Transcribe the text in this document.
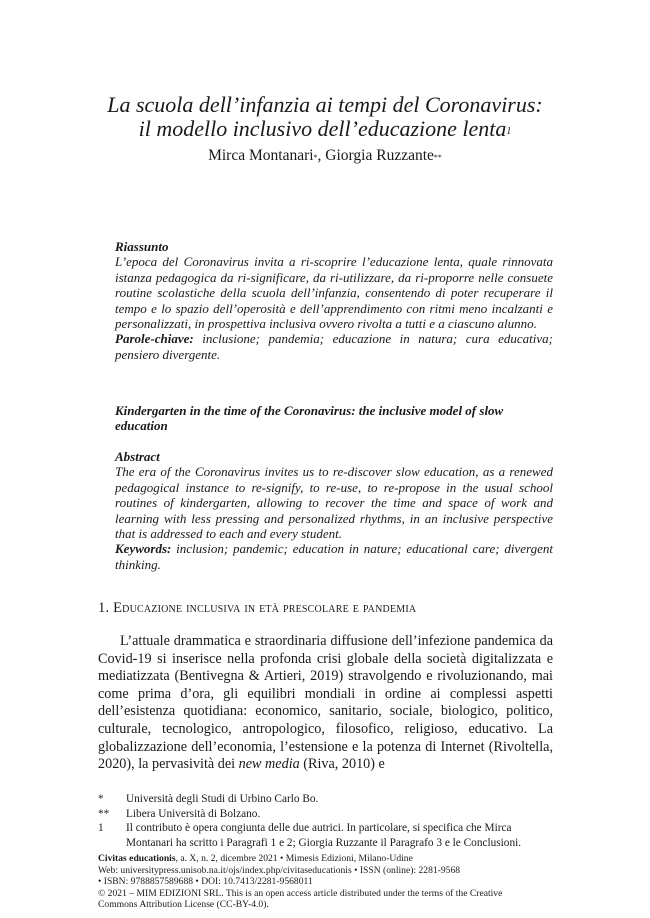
La scuola dell’infanzia ai tempi del Coronavirus:
il modello inclusivo dell’educazione lenta$^1$
Mirca Montanari*, Giorgia Ruzzante**
Riassunto

L’epoca del Coronavirus invita a ri-scoprire l’educazione lenta, quale rinnovata istanza pedagogica da ri-significare, da ri-utilizzare, da ri-proporre nelle consuete routine scolastiche della scuola dell’infanzia, consentendo di poter recuperare il tempo e lo spazio dell’operosità e dell’apprendimento con ritmi meno incalzanti e personalizzati, in prospettiva inclusiva ovvero rivolta a tutti e a ciascuno alunno.

Parole-chiave: inclusione; pandemia; educazione in natura; cura educativa; pensiero divergente.

Kindergarten in the time of the Coronavirus: the inclusive model of slow education
Abstract

The era of the Coronavirus invites us to re-discover slow education, as a renewed pedagogical instance to re-signify, to re-use, to re-propose in the usual school routines of kindergarten, allowing to recover the time and space of work and learning with less pressing and personalized rhythms, in an inclusive perspective that is addressed to each and every student.

Keywords: inclusion; pandemic; education in nature; educational care; divergent thinking.

1. Educazione inclusiva in età prescolare e pandemia

L’attuale drammatica e straordinaria diffusione dell’infezione pandemica da Covid-19 si inserisce nella profonda crisi globale della società digitalizzata e mediatizzata (Bentivegna & Artieri, 2019) stravolgendo e rivoluzionando, mai come prima d’ora, gli equilibri mondiali in ordine ai complessi aspetti dell’esistenza quotidiana: economico, sanitario, sociale, biologico, politico, culturale, tecnologico, antropologico, filosofico, religioso, educativo. La globalizzazione dell’economia, l’estensione e la potenza di Internet (Rivoltella, 2020), la pervasività dei new media (Riva, 2010) e

*	Università degli Studi di Urbino Carlo Bo.
**	Libera Università di Bolzano.
1	Il contributo è opera congiunta delle due autrici. In particolare, si specifica che Mirca Montanari ha scritto i Paragrafi 1 e 2; Giorgia Ruzzante il Paragrafo 3 e le Conclusioni.
Civitas educationis, a. X, n. 2, dicembre 2021 • Mimesis Edizioni, Milano-Udine
Web: universitypress.unisob.na.it/ojs/index.php/civitaseducationis • ISSN (online): 2281-9568
• ISBN: 9788857589688 • DOI: 10.7413/2281-9568011
© 2021 – MIM EDIZIONI SRL. This is an open access article distributed under the terms of the Creative
Commons Attribution License (CC-BY-4.0).
